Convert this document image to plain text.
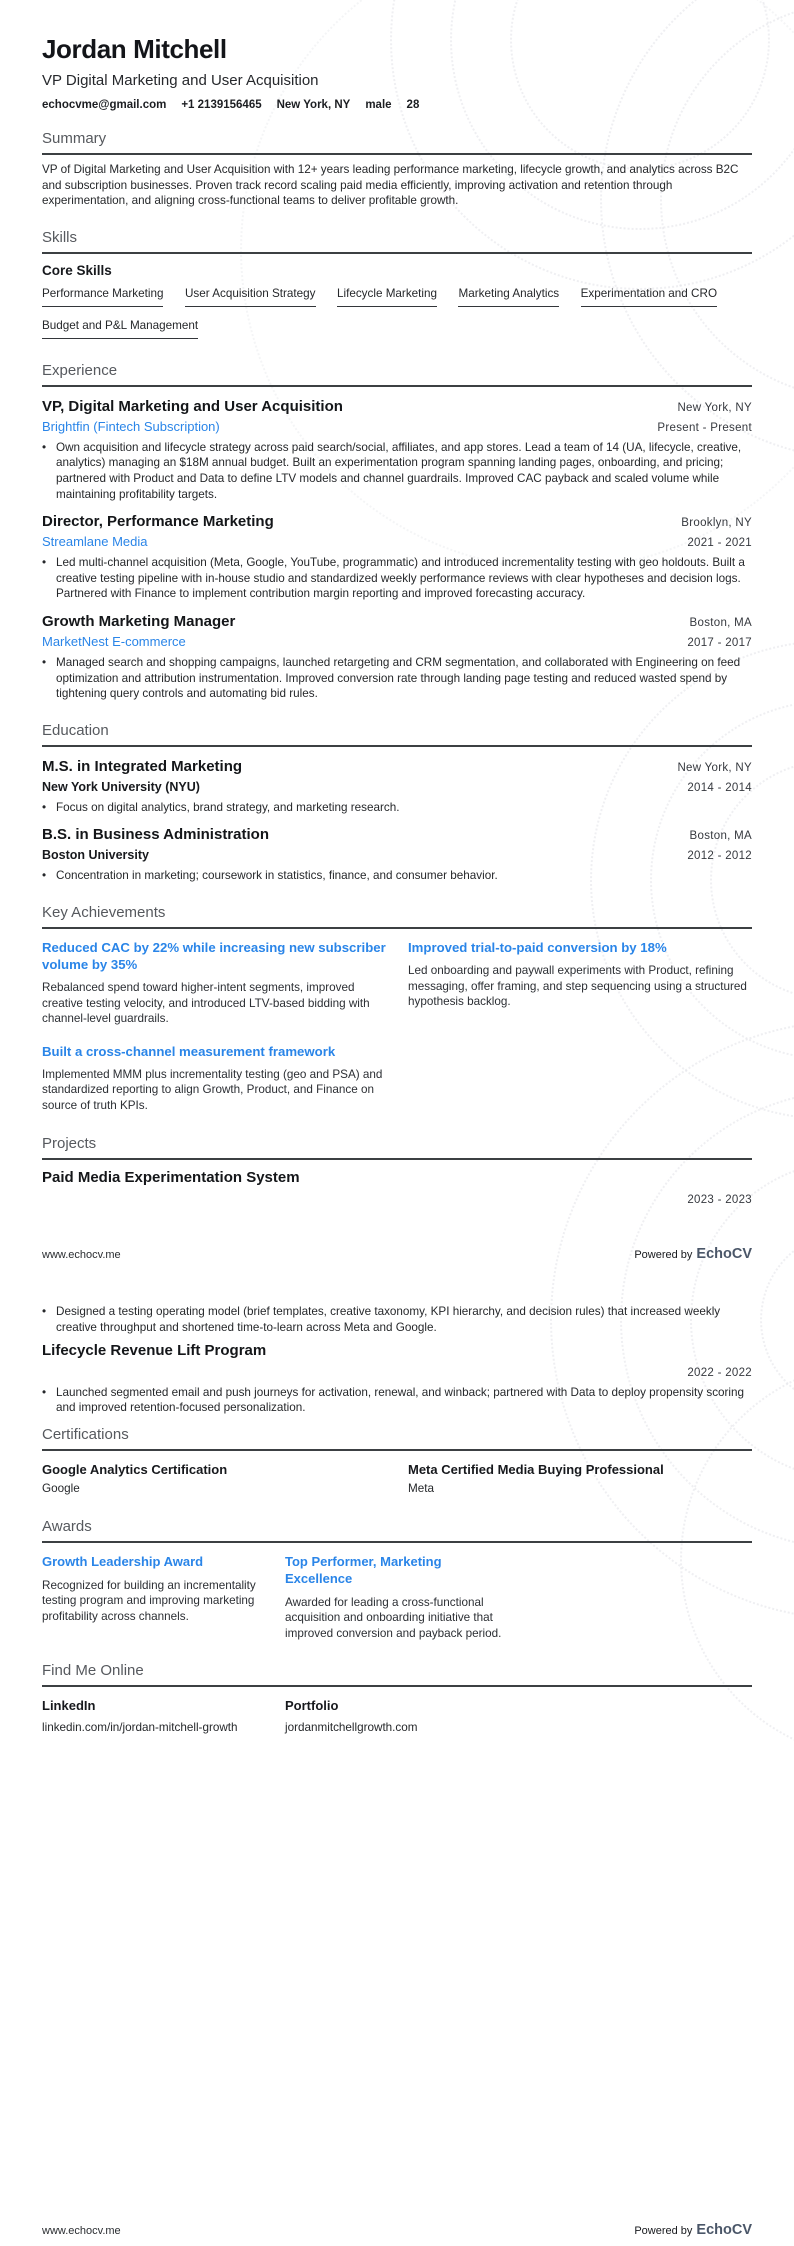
Jordan Mitchell
VP Digital Marketing and User Acquisition
echocvme@gmail.com +1 2139156465 New York, NY male 28
Summary
VP of Digital Marketing and User Acquisition with 12+ years leading performance marketing, lifecycle growth, and analytics across B2C and subscription businesses. Proven track record scaling paid media efficiently, improving activation and retention through experimentation, and aligning cross-functional teams to deliver profitable growth.
Skills
Core Skills
Performance Marketing User Acquisition Strategy Lifecycle Marketing Marketing Analytics Experimentation and CRO Budget and P&L Management
Experience
VP, Digital Marketing and User Acquisition	New York, NY
Brightfin (Fintech Subscription)	Present - Present
•
Own acquisition and lifecycle strategy across paid search/social, affiliates, and app stores. Lead a team of 14 (UA, lifecycle, creative, analytics) managing an $18M annual budget. Built an experimentation program spanning landing pages, onboarding, and pricing; partnered with Product and Data to define LTV models and channel guardrails. Improved CAC payback and scaled volume while maintaining profitability targets.
Director, Performance Marketing	Brooklyn, NY
Streamlane Media	2021 - 2021
•
Led multi-channel acquisition (Meta, Google, YouTube, programmatic) and introduced incrementality testing with geo holdouts. Built a creative testing pipeline with in-house studio and standardized weekly performance reviews with clear hypotheses and decision logs. Partnered with Finance to implement contribution margin reporting and improved forecasting accuracy.
Growth Marketing Manager	Boston, MA
MarketNest E-commerce	2017 - 2017
•
Managed search and shopping campaigns, launched retargeting and CRM segmentation, and collaborated with Engineering on feed optimization and attribution instrumentation. Improved conversion rate through landing page testing and reduced wasted spend by tightening query controls and automating bid rules.
Education
M.S. in Integrated Marketing	New York, NY
New York University (NYU)	2014 - 2014
•
Focus on digital analytics, brand strategy, and marketing research.
B.S. in Business Administration	Boston, MA
Boston University	2012 - 2012
•
Concentration in marketing; coursework in statistics, finance, and consumer behavior.
Key Achievements
Reduced CAC by 22% while increasing new subscriber volume by 35%
Rebalanced spend toward higher-intent segments, improved creative testing velocity, and introduced LTV-based bidding with channel-level guardrails.
Built a cross-channel measurement framework
Implemented MMM plus incrementality testing (geo and PSA) and standardized reporting to align Growth, Product, and Finance on source of truth KPIs.
Improved trial-to-paid conversion by 18%
Led onboarding and paywall experiments with Product, refining messaging, offer framing, and step sequencing using a structured hypothesis backlog.
Projects
Paid Media Experimentation System
2023 - 2023
www.echocv.me	Powered by EchoCV
•
Designed a testing operating model (brief templates, creative taxonomy, KPI hierarchy, and decision rules) that increased weekly creative throughput and shortened time-to-learn across Meta and Google.
Lifecycle Revenue Lift Program
2022 - 2022
•
Launched segmented email and push journeys for activation, renewal, and winback; partnered with Data to deploy propensity scoring and improved retention-focused personalization.
Certifications
Google Analytics Certification
Google
Meta Certified Media Buying Professional
Meta
Awards
Growth Leadership Award
Recognized for building an incrementality testing program and improving marketing profitability across channels.
Top Performer, Marketing Excellence
Awarded for leading a cross-functional acquisition and onboarding initiative that improved conversion and payback period.
Find Me Online
LinkedIn
linkedin.com/in/jordan-mitchell-growth
Portfolio
jordanmitchellgrowth.com
www.echocv.me	Powered by EchoCV
